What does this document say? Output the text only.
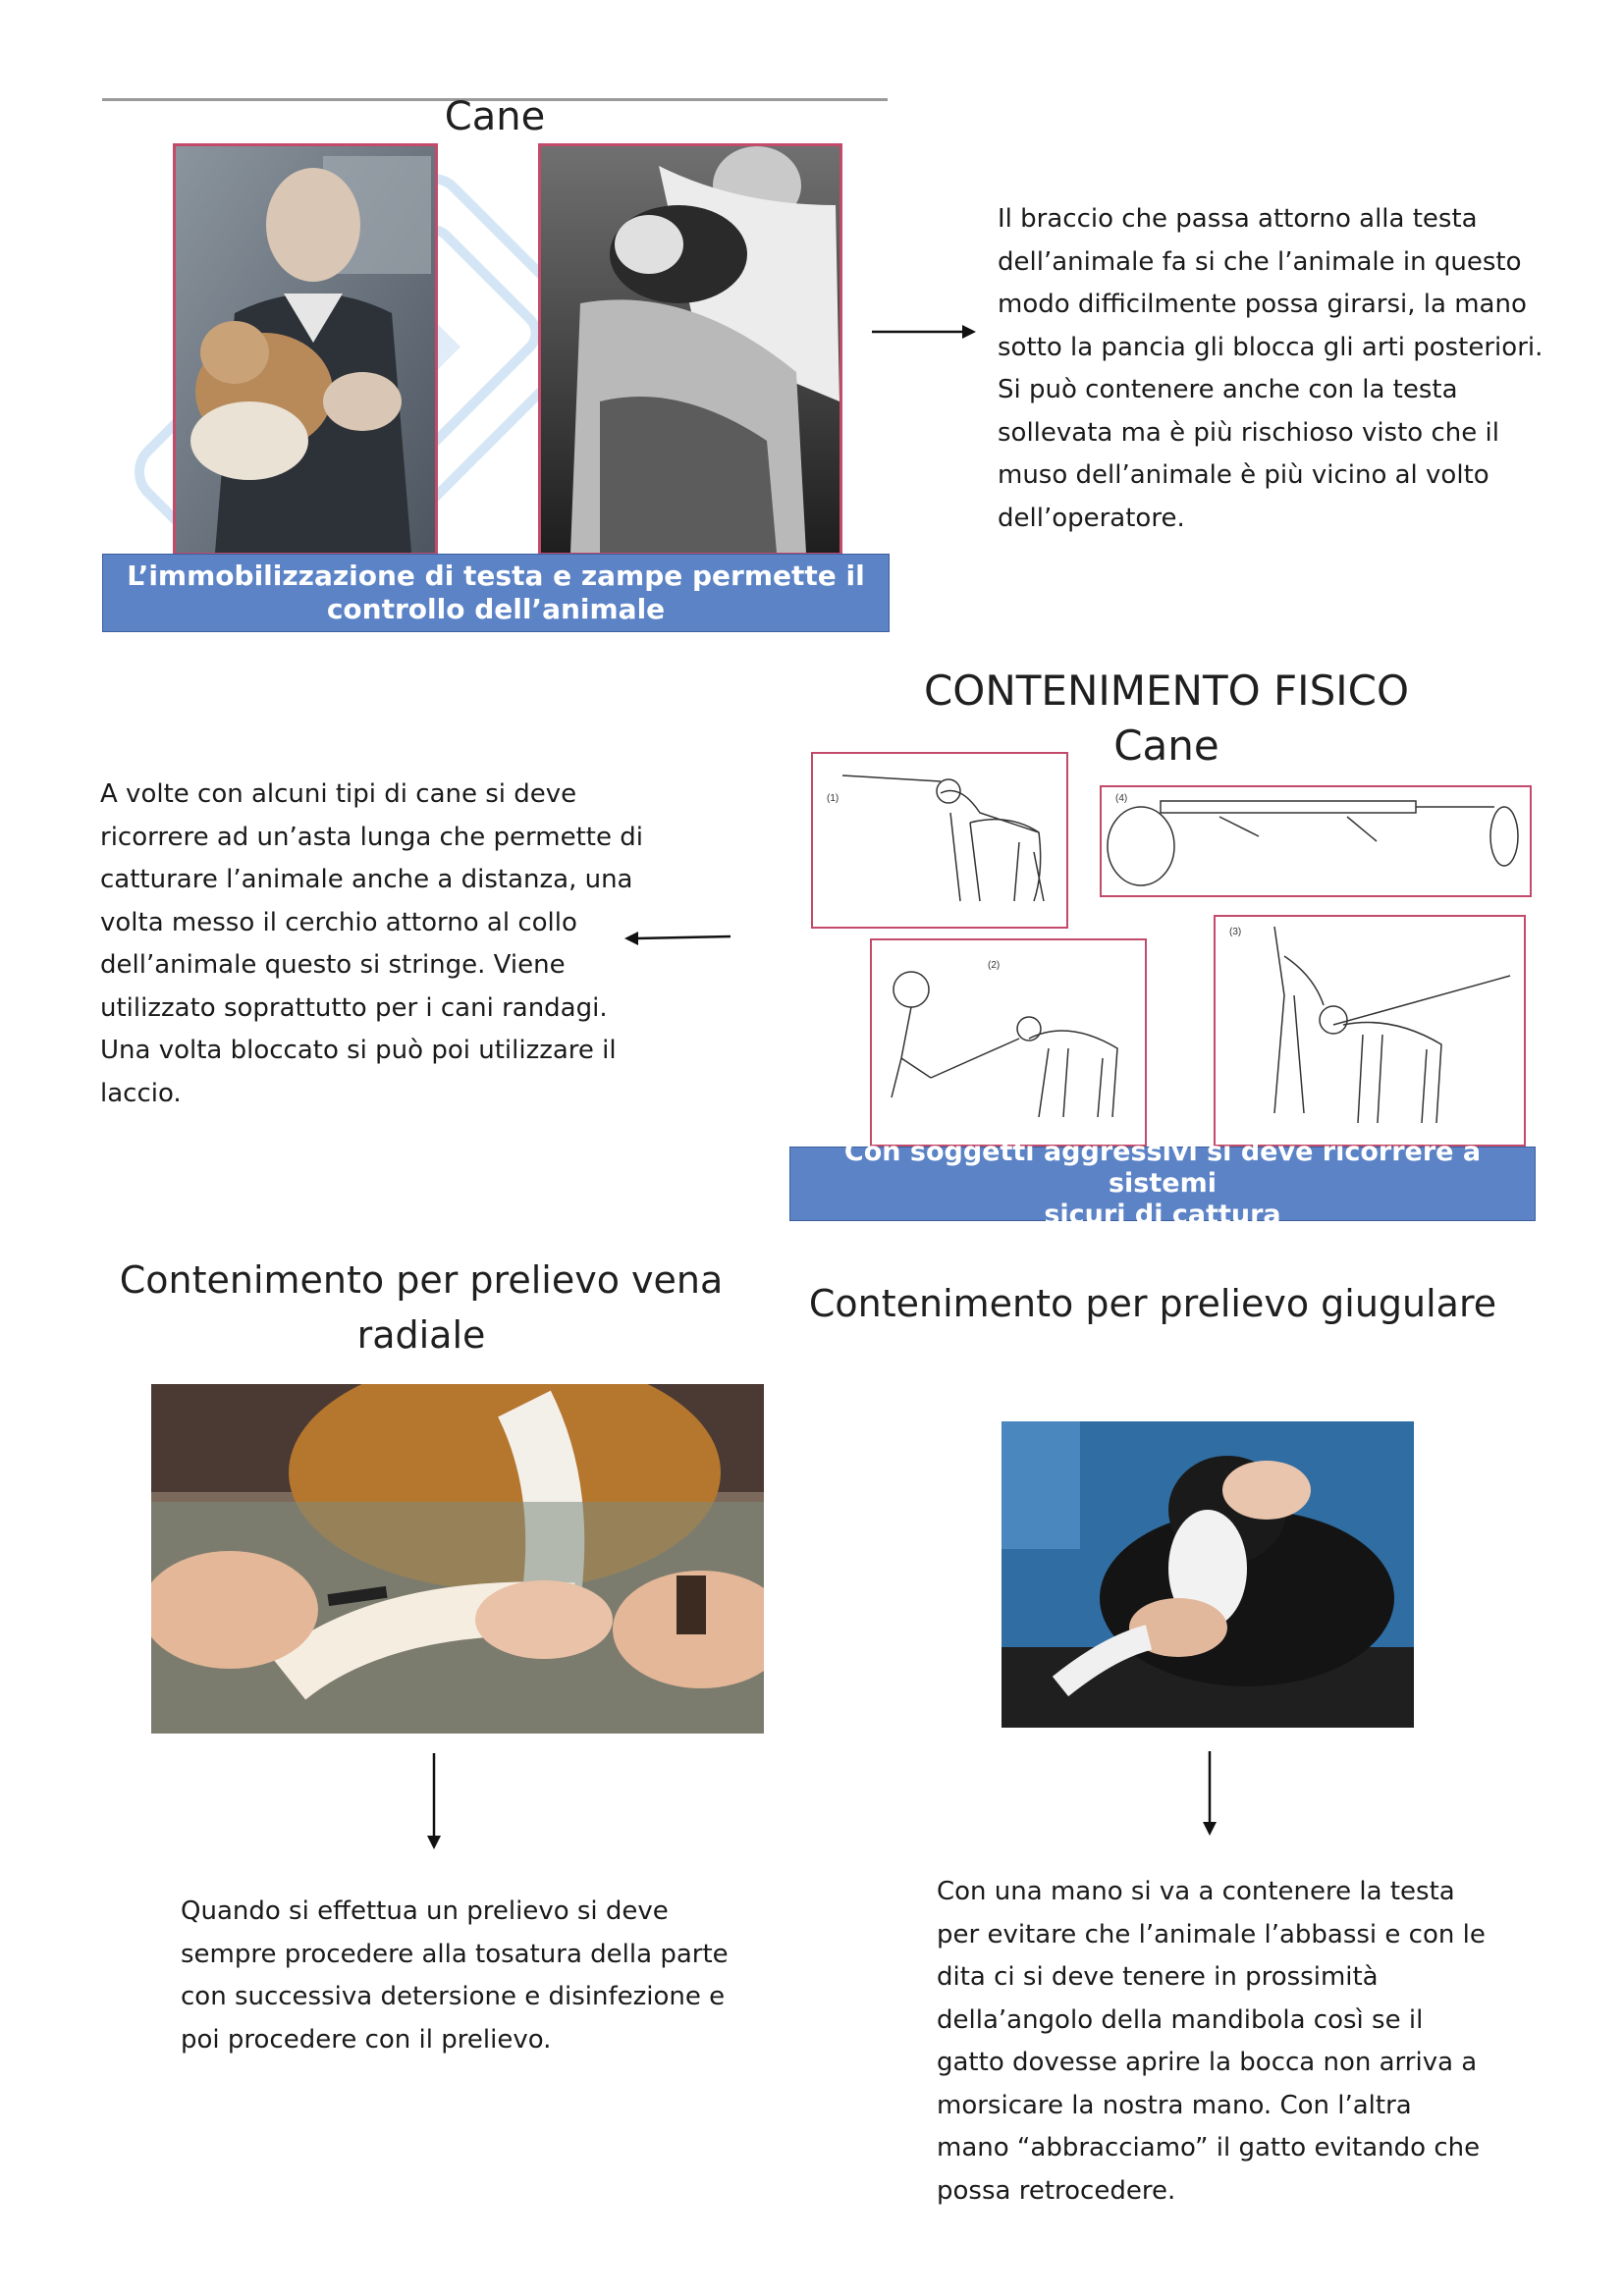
Cane
L’immobilizzazione di testa e zampe permette il
controllo dell’animale
Il braccio che passa attorno alla testa
dell’animale fa si che l’animale in questo
modo difficilmente possa girarsi, la mano
sotto la pancia gli blocca gli arti posteriori.
Si può contenere anche con la testa
sollevata ma è più rischioso visto che il
muso dell’animale è più vicino al volto
dell’operatore.
CONTENIMENTO FISICO
Cane
(1)	(4)
(2)
(3)
Con soggetti aggressivi si deve ricorrere a sistemi
sicuri di cattura
A volte con alcuni tipi di cane si deve
ricorrere ad un’asta lunga che permette di
catturare l’animale anche a distanza, una
volta messo il cerchio attorno al collo
dell’animale questo si stringe. Viene
utilizzato soprattutto per i cani randagi.
Una volta bloccato si può poi utilizzare il
laccio.
Contenimento per prelievo vena
radiale
Quando si effettua un prelievo si deve
sempre procedere alla tosatura della parte
con successiva detersione e disinfezione e
poi procedere con il prelievo.
Contenimento per prelievo giugulare
Con una mano si va a contenere la testa
per evitare che l’animale l’abbassi e con le
dita ci si deve tenere in prossimità
della’angolo della mandibola così se il
gatto dovesse aprire la bocca non arriva a
morsicare la nostra mano. Con l’altra
mano “abbracciamo” il gatto evitando che
possa retrocedere.
